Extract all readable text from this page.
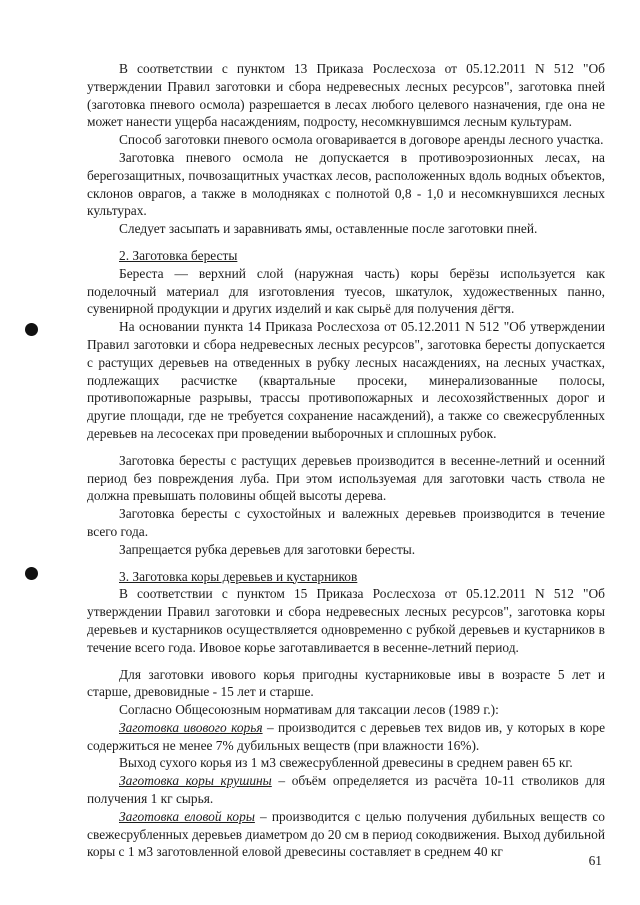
В соответствии с пунктом 13 Приказа Рослесхоза от 05.12.2011 N 512 "Об утверждении Правил заготовки и сбора недревесных лесных ресурсов", заготовка пней (заготовка пневого осмола) разрешается в лесах любого целевого назначения, где она не может нанести ущерба насаждениям, подросту, несомкнувшимся лесным культурам.

Способ заготовки пневого осмола оговаривается в договоре аренды лесного участка.

Заготовка пневого осмола не допускается в противоэрозионных лесах, на берегозащитных, почвозащитных участках лесов, расположенных вдоль водных объектов, склонов оврагов, а также в молодняках с полнотой 0,8 - 1,0 и несомкнувшихся лесных культурах.

Следует засыпать и заравнивать ямы, оставленные после заготовки пней.

2. Заготовка бересты

Береста — верхний слой (наружная часть) коры берёзы используется как поделочный материал для изготовления туесов, шкатулок, художественных панно, сувенирной продукции и других изделий и как сырьё для получения дёгтя.

На основании пункта 14 Приказа Рослесхоза от 05.12.2011 N 512 "Об утверждении Правил заготовки и сбора недревесных лесных ресурсов", заготовка бересты допускается с растущих деревьев на отведенных в рубку лесных насаждениях, на лесных участках, подлежащих расчистке (квартальные просеки, минерализованные полосы, противопожарные разрывы, трассы противопожарных и лесохозяйственных дорог и другие площади, где не требуется сохранение насаждений), а также со свежесрубленных деревьев на лесосеках при проведении выборочных и сплошных рубок.

Заготовка бересты с растущих деревьев производится в весенне-летний и осенний период без повреждения луба. При этом используемая для заготовки часть ствола не должна превышать половины общей высоты дерева.

Заготовка бересты с сухостойных и валежных деревьев производится в течение всего года.

Запрещается рубка деревьев для заготовки бересты.

3. Заготовка коры деревьев и кустарников

В соответствии с пунктом 15 Приказа Рослесхоза от 05.12.2011 N 512 "Об утверждении Правил заготовки и сбора недревесных лесных ресурсов", заготовка коры деревьев и кустарников осуществляется одновременно с рубкой деревьев и кустарников в течение всего года. Ивовое корье заготавливается в весенне-летний период.

Для заготовки ивового корья пригодны кустарниковые ивы в возрасте 5 лет и старше, древовидные - 15 лет и старше.

Согласно Общесоюзным нормативам для таксации лесов (1989 г.):

Заготовка ивового корья – производится с деревьев тех видов ив, у которых в коре содержиться не менее 7% дубильных веществ (при влажности 16%).

Выход сухого корья из 1 м3 свежесрубленной древесины в среднем равен 65 кг.

Заготовка коры крушины – объём определяется из расчёта 10-11 стволиков для получения 1 кг сырья.

Заготовка еловой коры – производится с целью получения дубильных веществ со свежесрубленных деревьев диаметром до 20 см в период сокодвижения. Выход дубильной коры с 1 м3 заготовленной еловой древесины составляет в среднем 40 кг

61
